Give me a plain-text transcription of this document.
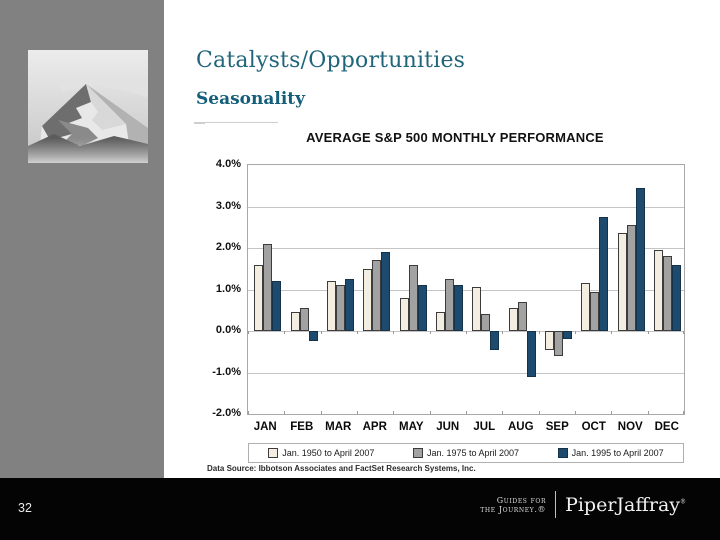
Catalysts/Opportunities
Seasonality
AVERAGE S&P 500 MONTHLY PERFORMANCE
4.0%
3.0%
2.0%
1.0%
0.0%
-1.0%
-2.0%
JAN	FEB	MAR APR	MAY	JUN	JUL	AUG	SEP	OCT	NOV	DEC
Jan. 1950 to April 2007	Jan. 1975 to April 2007	Jan. 1995 to April 2007
Data Source: Ibbotson Associates and FactSet Research Systems, Inc.
32
Guides for
the Journey.® PiperJaffray®
